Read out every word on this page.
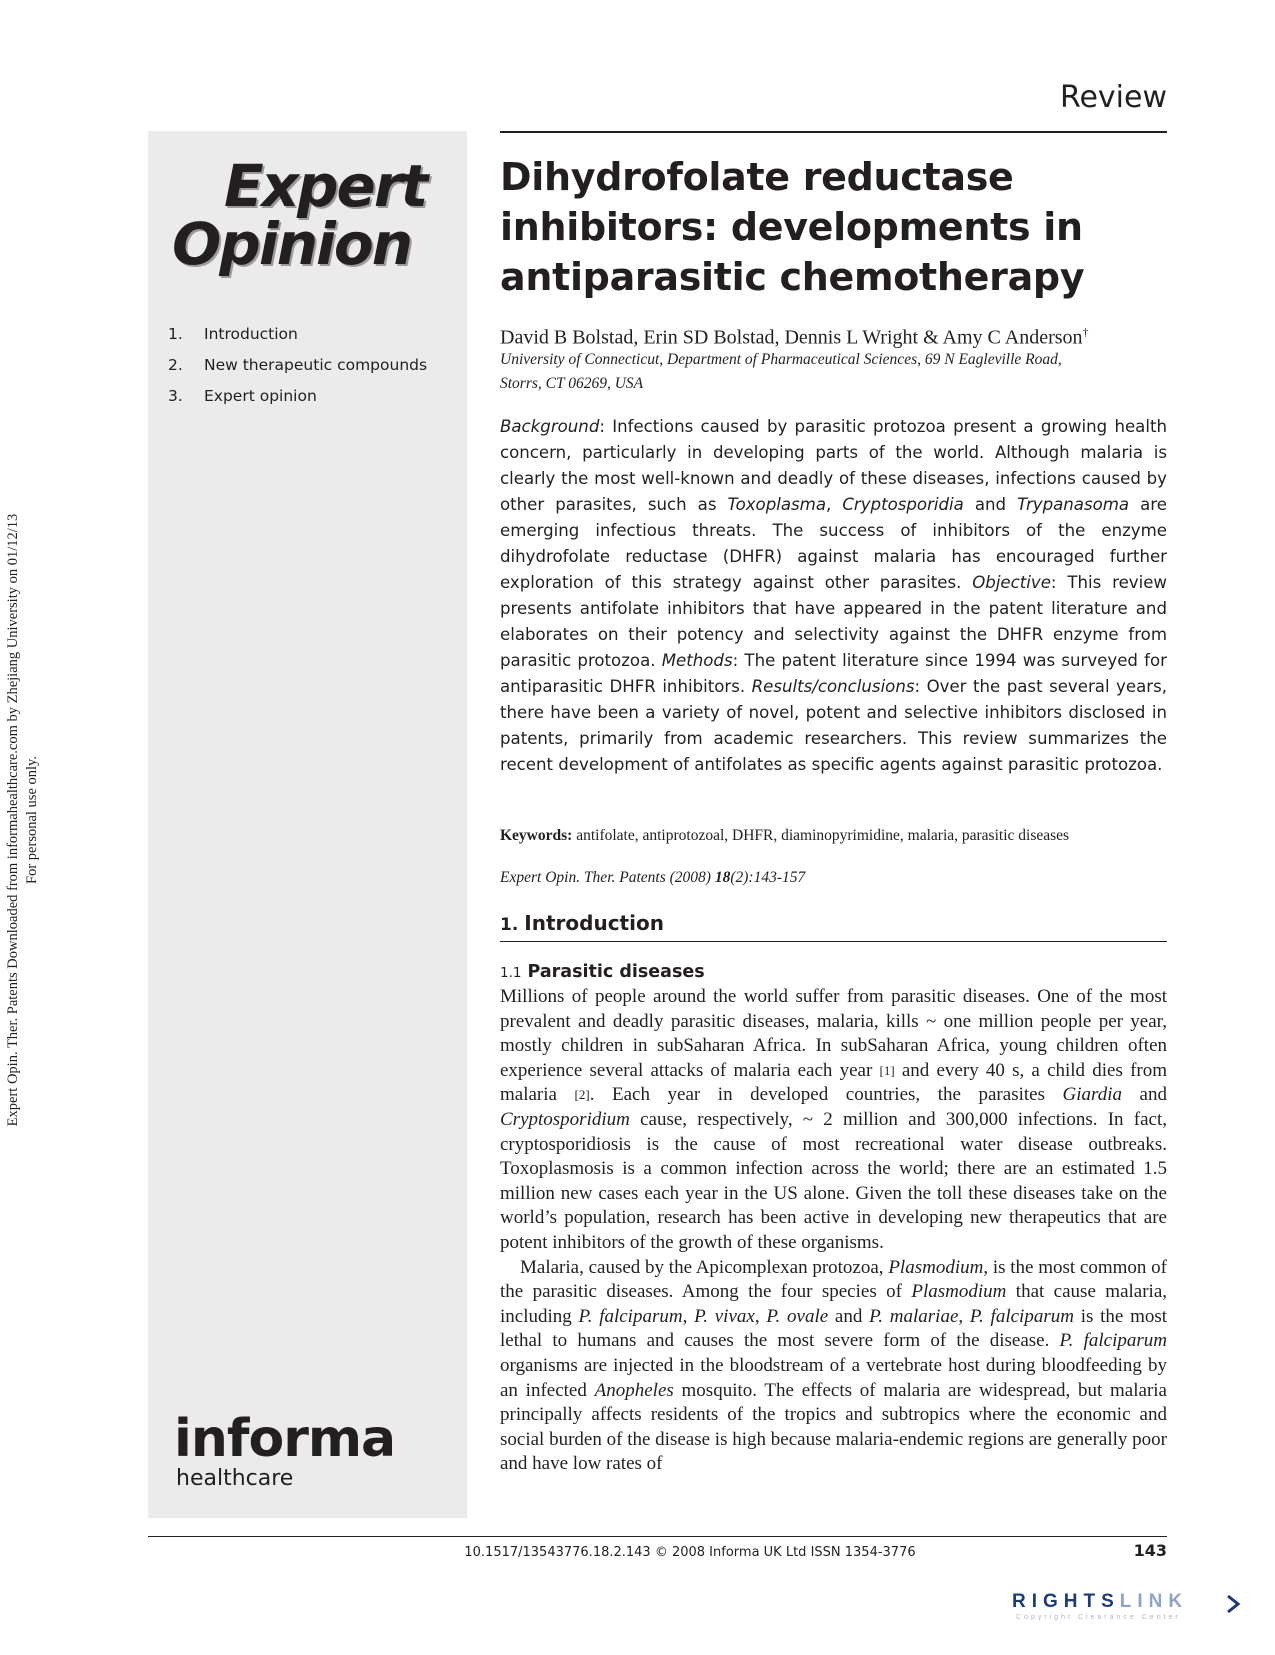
Expert Opin. Ther. Patents Downloaded from informahealthcare.com by Zhejiang University on 01/12/13 For personal use only.
Expert
Opinion
1.	Introduction
2.	New therapeutic compounds
3.	Expert opinion
informa
healthcare
Review
Dihydrofolate reductase
inhibitors: developments in
antiparasitic chemotherapy
David B Bolstad, Erin SD Bolstad, Dennis L Wright & Amy C Anderson†
University of Connecticut, Department of Pharmaceutical Sciences, 69 N Eagleville Road,
Storrs, CT 06269, USA

Background: Infections caused by parasitic protozoa present a growing health concern, particularly in developing parts of the world. Although malaria is clearly the most well-known and deadly of these diseases, infections caused by other parasites, such as Toxoplasma, Cryptosporidia and Trypanasoma are emerging infectious threats. The success of inhibitors of the enzyme dihydrofolate reductase (DHFR) against malaria has encouraged further exploration of this strategy against other parasites. Objective: This review presents antifolate inhibitors that have appeared in the patent literature and elaborates on their potency and selectivity against the DHFR enzyme from parasitic protozoa. Methods: The patent literature since 1994 was surveyed for antiparasitic DHFR inhibitors. Results/conclusions: Over the past several years, there have been a variety of novel, potent and selective inhibitors disclosed in patents, primarily from academic researchers. This review summarizes the recent development of antifolates as specific agents against parasitic protozoa.

Keywords: antifolate, antiprotozoal, DHFR, diaminopyrimidine, malaria, parasitic diseases
Expert Opin. Ther. Patents (2008) 18(2):143-157
1. Introduction
1.1 Parasitic diseases

Millions of people around the world suffer from parasitic diseases. One of the most prevalent and deadly parasitic diseases, malaria, kills ~ one million people per year, mostly children in subSaharan Africa. In subSaharan Africa, young children often experience several attacks of malaria each year [1] and every 40 s, a child dies from malaria [2]. Each year in developed countries, the parasites Giardia and Cryptosporidium cause, respectively, ~ 2 million and 300,000 infections. In fact, cryptosporidiosis is the cause of most recreational water disease outbreaks. Toxoplasmosis is a common infection across the world; there are an estimated 1.5 million new cases each year in the US alone. Given the toll these diseases take on the world’s population, research has been active in developing new therapeutics that are potent inhibitors of the growth of these organisms.

Malaria, caused by the Apicomplexan protozoa, Plasmodium, is the most common of the parasitic diseases. Among the four species of Plasmodium that cause malaria, including P. falciparum, P. vivax, P. ovale and P. malariae, P. falciparum is the most lethal to humans and causes the most severe form of the disease. P. falciparum organisms are injected in the bloodstream of a vertebrate host during bloodfeeding by an infected Anopheles mosquito. The effects of malaria are widespread, but malaria principally affects residents of the tropics and subtropics where the economic and social burden of the disease is high because malaria-endemic regions are generally poor and have low rates of

10.1517/13543776.18.2.143 © 2008 Informa UK Ltd ISSN 1354-3776	143
RIGHTSLINK
Copyright Clearance Center
